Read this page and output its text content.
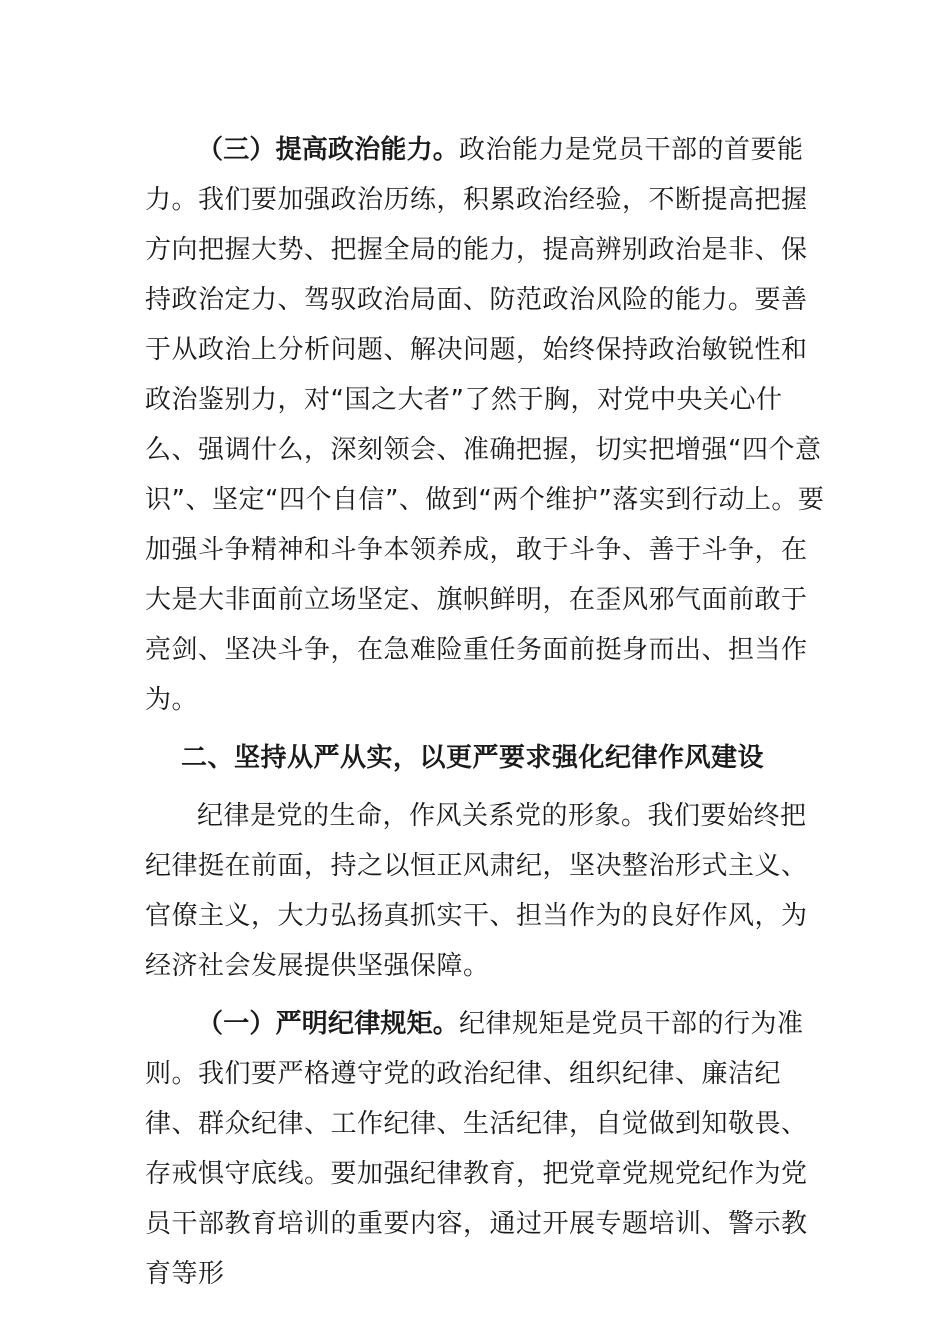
（三）提高政治能力。政治能力是党员干部的首要能力。我们要加强政治历练，积累政治经验，不断提高把握方向把握大势、把握全局的能力，提高辨别政治是非、保持政治定力、驾驭政治局面、防范政治风险的能力。要善于从政治上分析问题、解决问题，始终保持政治敏锐性和政治鉴别力，对“国之大者”了然于胸，对党中央关心什么、强调什么，深刻领会、准确把握，切实把增强“四个意识”、坚定“四个自信”、做到“两个维护”落实到行动上。要加强斗争精神和斗争本领养成，敢于斗争、善于斗争，在大是大非面前立场坚定、旗帜鲜明，在歪风邪气面前敢于亮剑、坚决斗争，在急难险重任务面前挺身而出、担当作为。

二、坚持从严从实，以更严要求强化纪律作风建设

纪律是党的生命，作风关系党的形象。我们要始终把纪律挺在前面，持之以恒正风肃纪，坚决整治形式主义、官僚主义，大力弘扬真抓实干、担当作为的良好作风，为经济社会发展提供坚强保障。

（一）严明纪律规矩。纪律规矩是党员干部的行为准则。我们要严格遵守党的政治纪律、组织纪律、廉洁纪律、群众纪律、工作纪律、生活纪律，自觉做到知敬畏、存戒惧守底线。要加强纪律教育，把党章党规党纪作为党员干部教育培训的重要内容，通过开展专题培训、警示教育等形
